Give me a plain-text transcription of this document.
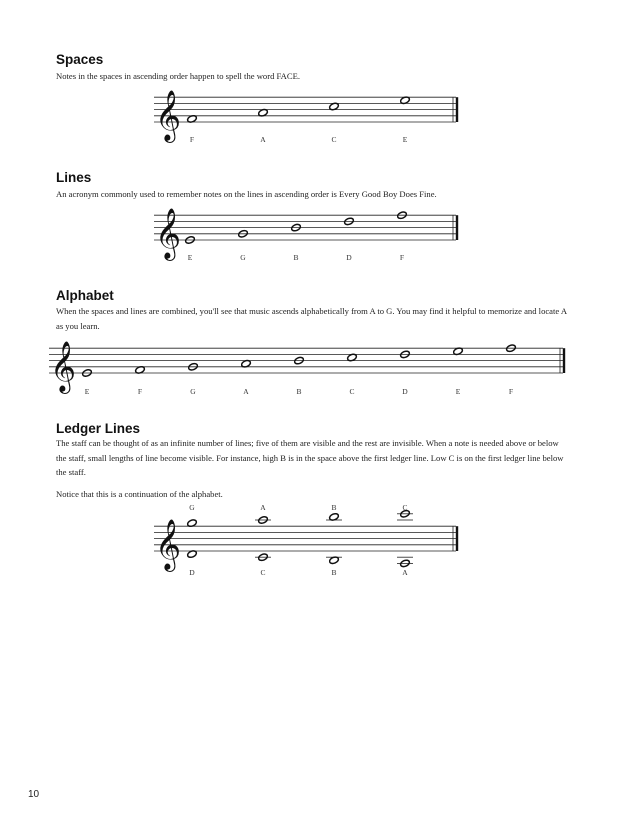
Spaces

Notes in the spaces in ascending order happen to spell the word FACE.

𝄞 F	A	C	E
Lines

An acronym commonly used to remember notes on the lines in ascending order is Every Good Boy Does Fine.

𝄞 E	G	B	D	F
Alphabet

When the spaces and lines are combined, you'll see that music ascends alphabetically from A to G. You may find it helpful to memorize and locate A as you learn.

𝄞 E	F	G	A	B	C	D	E	F
Ledger Lines

The staff can be thought of as an infinite number of lines; five of them are visible and the rest are invisible. When a note is needed above or below the staff, small lengths of line become visible. For instance, high B is in the space above the first ledger line. Low C is on the first ledger line below the staff.

Notice that this is a continuation of the alphabet.

𝄞
G
D
A
C
B
B
C
A
10
